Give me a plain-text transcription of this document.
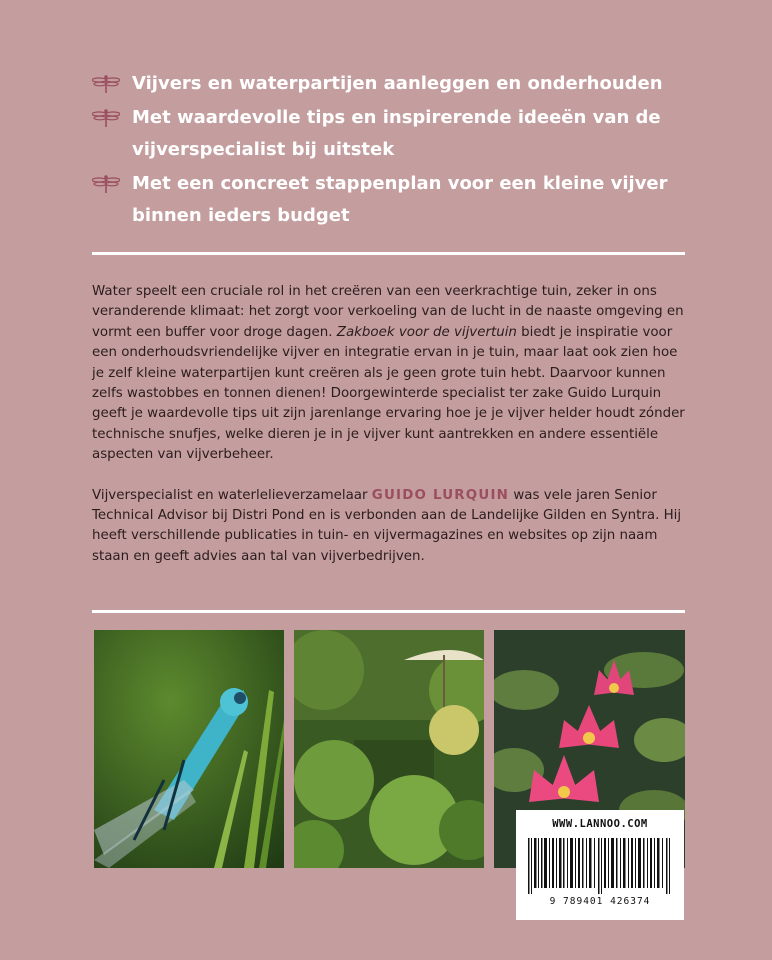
Vijvers en waterpartijen aanleggen en onderhouden
Met waardevolle tips en inspirerende ideeën van de vijverspecialist bij uitstek
Met een concreet stappenplan voor een kleine vijver binnen ieders budget

Water speelt een cruciale rol in het creëren van een veerkrachtige tuin, zeker in ons veranderende klimaat: het zorgt voor verkoeling van de lucht in de naaste omgeving en vormt een buffer voor droge dagen. Zakboek voor de vijvertuin biedt je inspiratie voor een onderhoudsvriendelijke vijver en integratie ervan in je tuin, maar laat ook zien hoe je zelf kleine waterpartijen kunt creëren als je geen grote tuin hebt. Daarvoor kunnen zelfs wastobbes en tonnen dienen! Doorgewinterde specialist ter zake Guido Lurquin geeft je waardevolle tips uit zijn jarenlange ervaring hoe je je vijver helder houdt zónder technische snufjes, welke dieren je in je vijver kunt aantrekken en andere essentiële aspecten van vijverbeheer.

Vijverspecialist en waterlelieverzamelaar GUIDO LURQUIN was vele jaren Senior Technical Advisor bij Distri Pond en is verbonden aan de Landelijke Gilden en Syntra. Hij heeft verschillende publicaties in tuin- en vijvermagazines en websites op zijn naam staan en geeft advies aan tal van vijverbedrijven.

WWW.LANNOO.COM
9 789401 426374
